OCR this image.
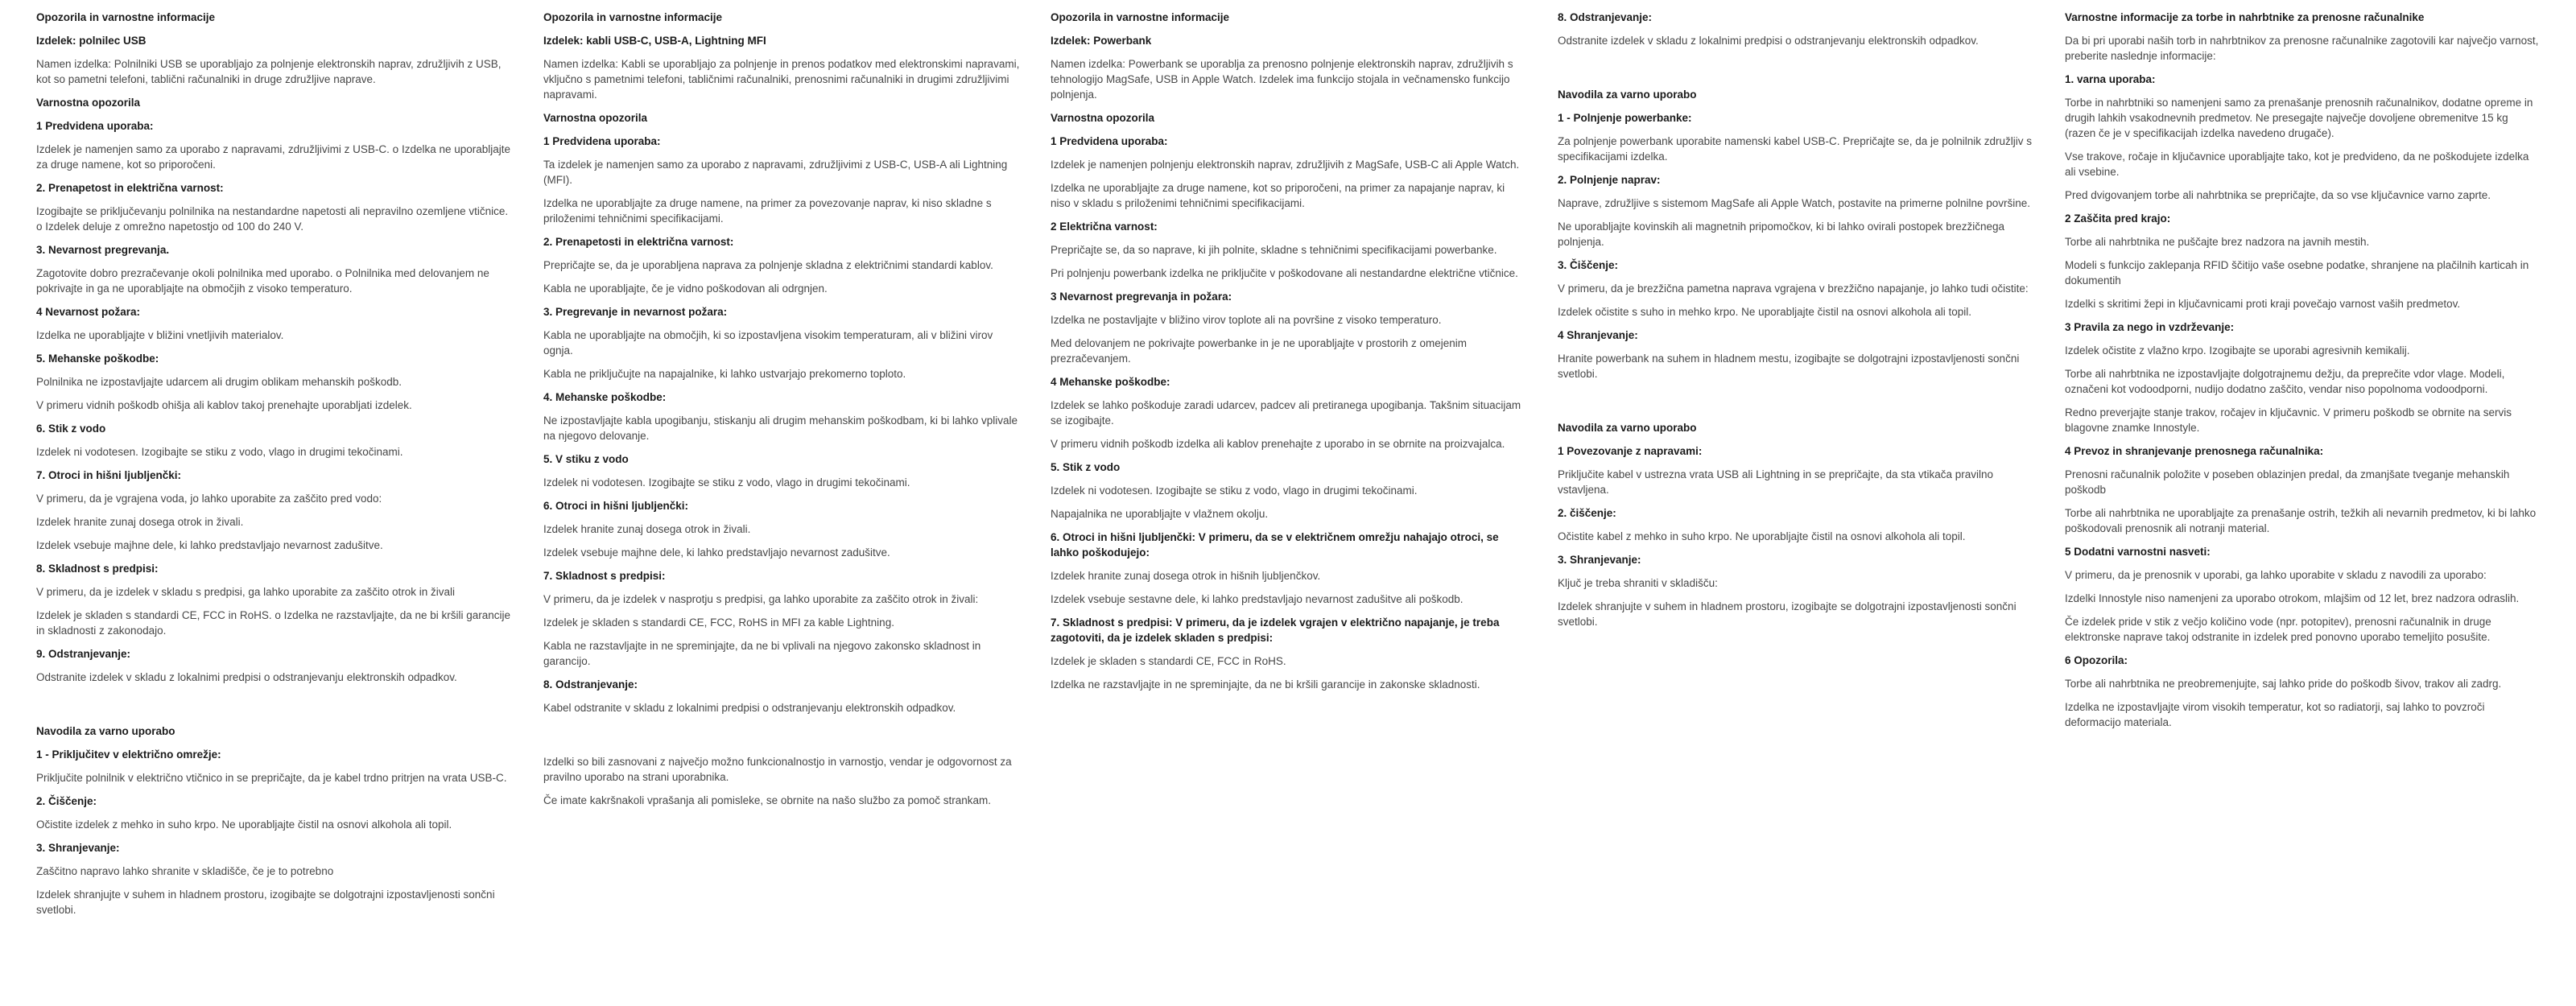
Opozorila in varnostne informacije
Izdelek: polnilec USB

Namen izdelka: Polnilniki USB se uporabljajo za polnjenje elektronskih naprav, združljivih z USB, kot so pametni telefoni, tablični računalniki in druge združljive naprave.

Varnostna opozorila
1 Predvidena uporaba:

Izdelek je namenjen samo za uporabo z napravami, združljivimi z USB-C. o Izdelka ne uporabljajte za druge namene, kot so priporočeni.

2. Prenapetost in električna varnost:

Izogibajte se priključevanju polnilnika na nestandardne napetosti ali nepravilno ozemljene vtičnice. o Izdelek deluje z omrežno napetostjo od 100 do 240 V.

3. Nevarnost pregrevanja.

Zagotovite dobro prezračevanje okoli polnilnika med uporabo. o Polnilnika med delovanjem ne pokrivajte in ga ne uporabljajte na območjih z visoko temperaturo.

4 Nevarnost požara:

Izdelka ne uporabljajte v bližini vnetljivih materialov.

5. Mehanske poškodbe:

Polnilnika ne izpostavljajte udarcem ali drugim oblikam mehanskih poškodb.

V primeru vidnih poškodb ohišja ali kablov takoj prenehajte uporabljati izdelek.

6. Stik z vodo

Izdelek ni vodotesen. Izogibajte se stiku z vodo, vlago in drugimi tekočinami.

7. Otroci in hišni ljubljenčki:

V primeru, da je vgrajena voda, jo lahko uporabite za zaščito pred vodo:

Izdelek hranite zunaj dosega otrok in živali.

Izdelek vsebuje majhne dele, ki lahko predstavljajo nevarnost zadušitve.

8. Skladnost s predpisi:

V primeru, da je izdelek v skladu s predpisi, ga lahko uporabite za zaščito otrok in živali

Izdelek je skladen s standardi CE, FCC in RoHS. o Izdelka ne razstavljajte, da ne bi kršili garancije in skladnosti z zakonodajo.

9. Odstranjevanje:

Odstranite izdelek v skladu z lokalnimi predpisi o odstranjevanju elektronskih odpadkov.

Navodila za varno uporabo
1 - Priključitev v električno omrežje:

Priključite polnilnik v električno vtičnico in se prepričajte, da je kabel trdno pritrjen na vrata USB-C.

2. Čiščenje:

Očistite izdelek z mehko in suho krpo. Ne uporabljajte čistil na osnovi alkohola ali topil.

3. Shranjevanje:

Zaščitno napravo lahko shranite v skladišče, če je to potrebno

Izdelek shranjujte v suhem in hladnem prostoru, izogibajte se dolgotrajni izpostavljenosti sončni svetlobi.

Opozorila in varnostne informacije
Izdelek: kabli USB-C, USB-A, Lightning MFI

Namen izdelka: Kabli se uporabljajo za polnjenje in prenos podatkov med elektronskimi napravami, vključno s pametnimi telefoni, tabličnimi računalniki, prenosnimi računalniki in drugimi združljivimi napravami.

Varnostna opozorila
1 Predvidena uporaba:

Ta izdelek je namenjen samo za uporabo z napravami, združljivimi z USB-C, USB-A ali Lightning (MFI).

Izdelka ne uporabljajte za druge namene, na primer za povezovanje naprav, ki niso skladne s priloženimi tehničnimi specifikacijami.

2. Prenapetosti in električna varnost:

Prepričajte se, da je uporabljena naprava za polnjenje skladna z električnimi standardi kablov.

Kabla ne uporabljajte, če je vidno poškodovan ali odrgnjen.

3. Pregrevanje in nevarnost požara:

Kabla ne uporabljajte na območjih, ki so izpostavljena visokim temperaturam, ali v bližini virov ognja.

Kabla ne priključujte na napajalnike, ki lahko ustvarjajo prekomerno toploto.

4. Mehanske poškodbe:

Ne izpostavljajte kabla upogibanju, stiskanju ali drugim mehanskim poškodbam, ki bi lahko vplivale na njegovo delovanje.

5. V stiku z vodo

Izdelek ni vodotesen. Izogibajte se stiku z vodo, vlago in drugimi tekočinami.

6. Otroci in hišni ljubljenčki:

Izdelek hranite zunaj dosega otrok in živali.

Izdelek vsebuje majhne dele, ki lahko predstavljajo nevarnost zadušitve.

7. Skladnost s predpisi:

V primeru, da je izdelek v nasprotju s predpisi, ga lahko uporabite za zaščito otrok in živali:

Izdelek je skladen s standardi CE, FCC, RoHS in MFI za kable Lightning.

Kabla ne razstavljajte in ne spreminjajte, da ne bi vplivali na njegovo zakonsko skladnost in garancijo.

8. Odstranjevanje:

Kabel odstranite v skladu z lokalnimi predpisi o odstranjevanju elektronskih odpadkov.

Izdelki so bili zasnovani z največjo možno funkcionalnostjo in varnostjo, vendar je odgovornost za pravilno uporabo na strani uporabnika.

Če imate kakršnakoli vprašanja ali pomisleke, se obrnite na našo službo za pomoč strankam.

Opozorila in varnostne informacije
Izdelek: Powerbank

Namen izdelka: Powerbank se uporablja za prenosno polnjenje elektronskih naprav, združljivih s tehnologijo MagSafe, USB in Apple Watch. Izdelek ima funkcijo stojala in večnamensko funkcijo polnjenja.

Varnostna opozorila
1 Predvidena uporaba:

Izdelek je namenjen polnjenju elektronskih naprav, združljivih z MagSafe, USB-C ali Apple Watch.

Izdelka ne uporabljajte za druge namene, kot so priporočeni, na primer za napajanje naprav, ki niso v skladu s priloženimi tehničnimi specifikacijami.

2 Električna varnost:

Prepričajte se, da so naprave, ki jih polnite, skladne s tehničnimi specifikacijami powerbanke.

Pri polnjenju powerbank izdelka ne priključite v poškodovane ali nestandardne električne vtičnice.

3 Nevarnost pregrevanja in požara:

Izdelka ne postavljajte v bližino virov toplote ali na površine z visoko temperaturo.

Med delovanjem ne pokrivajte powerbanke in je ne uporabljajte v prostorih z omejenim prezračevanjem.

4 Mehanske poškodbe:

Izdelek se lahko poškoduje zaradi udarcev, padcev ali pretiranega upogibanja. Takšnim situacijam se izogibajte.

V primeru vidnih poškodb izdelka ali kablov prenehajte z uporabo in se obrnite na proizvajalca.

5. Stik z vodo

Izdelek ni vodotesen. Izogibajte se stiku z vodo, vlago in drugimi tekočinami.

Napajalnika ne uporabljajte v vlažnem okolju.

6. Otroci in hišni ljubljenčki: V primeru, da se v električnem omrežju nahajajo otroci, se lahko poškodujejo:

Izdelek hranite zunaj dosega otrok in hišnih ljubljenčkov.

Izdelek vsebuje sestavne dele, ki lahko predstavljajo nevarnost zadušitve ali poškodb.

7. Skladnost s predpisi: V primeru, da je izdelek vgrajen v električno napajanje, je treba zagotoviti, da je izdelek skladen s predpisi:

Izdelek je skladen s standardi CE, FCC in RoHS.

Izdelka ne razstavljajte in ne spreminjajte, da ne bi kršili garancije in zakonske skladnosti.

8. Odstranjevanje:

Odstranite izdelek v skladu z lokalnimi predpisi o odstranjevanju elektronskih odpadkov.

Navodila za varno uporabo
1 - Polnjenje powerbanke:

Za polnjenje powerbank uporabite namenski kabel USB-C. Prepričajte se, da je polnilnik združljiv s specifikacijami izdelka.

2. Polnjenje naprav:

Naprave, združljive s sistemom MagSafe ali Apple Watch, postavite na primerne polnilne površine.

Ne uporabljajte kovinskih ali magnetnih pripomočkov, ki bi lahko ovirali postopek brezžičnega polnjenja.

3. Čiščenje:

V primeru, da je brezžična pametna naprava vgrajena v brezžično napajanje, jo lahko tudi očistite:

Izdelek očistite s suho in mehko krpo. Ne uporabljajte čistil na osnovi alkohola ali topil.

4 Shranjevanje:

Hranite powerbank na suhem in hladnem mestu, izogibajte se dolgotrajni izpostavljenosti sončni svetlobi.

Navodila za varno uporabo
1 Povezovanje z napravami:

Priključite kabel v ustrezna vrata USB ali Lightning in se prepričajte, da sta vtikača pravilno vstavljena.

2. čiščenje:

Očistite kabel z mehko in suho krpo. Ne uporabljajte čistil na osnovi alkohola ali topil.

3. Shranjevanje:

Ključ je treba shraniti v skladišču:

Izdelek shranjujte v suhem in hladnem prostoru, izogibajte se dolgotrajni izpostavljenosti sončni svetlobi.

Varnostne informacije za torbe in nahrbtnike za prenosne računalnike

Da bi pri uporabi naših torb in nahrbtnikov za prenosne računalnike zagotovili kar največjo varnost, preberite naslednje informacije:

1. varna uporaba:

Torbe in nahrbtniki so namenjeni samo za prenašanje prenosnih računalnikov, dodatne opreme in drugih lahkih vsakodnevnih predmetov. Ne presegajte največje dovoljene obremenitve 15 kg (razen če je v specifikacijah izdelka navedeno drugače).

Vse trakove, ročaje in ključavnice uporabljajte tako, kot je predvideno, da ne poškodujete izdelka ali vsebine.

Pred dvigovanjem torbe ali nahrbtnika se prepričajte, da so vse ključavnice varno zaprte.

2 Zaščita pred krajo:

Torbe ali nahrbtnika ne puščajte brez nadzora na javnih mestih.

Modeli s funkcijo zaklepanja RFID ščitijo vaše osebne podatke, shranjene na plačilnih karticah in dokumentih

Izdelki s skritimi žepi in ključavnicami proti kraji povečajo varnost vaših predmetov.

3 Pravila za nego in vzdrževanje:

Izdelek očistite z vlažno krpo. Izogibajte se uporabi agresivnih kemikalij.

Torbe ali nahrbtnika ne izpostavljajte dolgotrajnemu dežju, da preprečite vdor vlage. Modeli, označeni kot vodoodporni, nudijo dodatno zaščito, vendar niso popolnoma vodoodporni.

Redno preverjajte stanje trakov, ročajev in ključavnic. V primeru poškodb se obrnite na servis blagovne znamke Innostyle.

4 Prevoz in shranjevanje prenosnega računalnika:

Prenosni računalnik položite v poseben oblazinjen predal, da zmanjšate tveganje mehanskih poškodb

Torbe ali nahrbtnika ne uporabljajte za prenašanje ostrih, težkih ali nevarnih predmetov, ki bi lahko poškodovali prenosnik ali notranji material.

5 Dodatni varnostni nasveti:

V primeru, da je prenosnik v uporabi, ga lahko uporabite v skladu z navodili za uporabo:

Izdelki Innostyle niso namenjeni za uporabo otrokom, mlajšim od 12 let, brez nadzora odraslih.

Če izdelek pride v stik z večjo količino vode (npr. potopitev), prenosni računalnik in druge elektronske naprave takoj odstranite in izdelek pred ponovno uporabo temeljito posušite.

6 Opozorila:

Torbe ali nahrbtnika ne preobremenjujte, saj lahko pride do poškodb šivov, trakov ali zadrg.

Izdelka ne izpostavljajte virom visokih temperatur, kot so radiatorji, saj lahko to povzroči deformacijo materiala.
